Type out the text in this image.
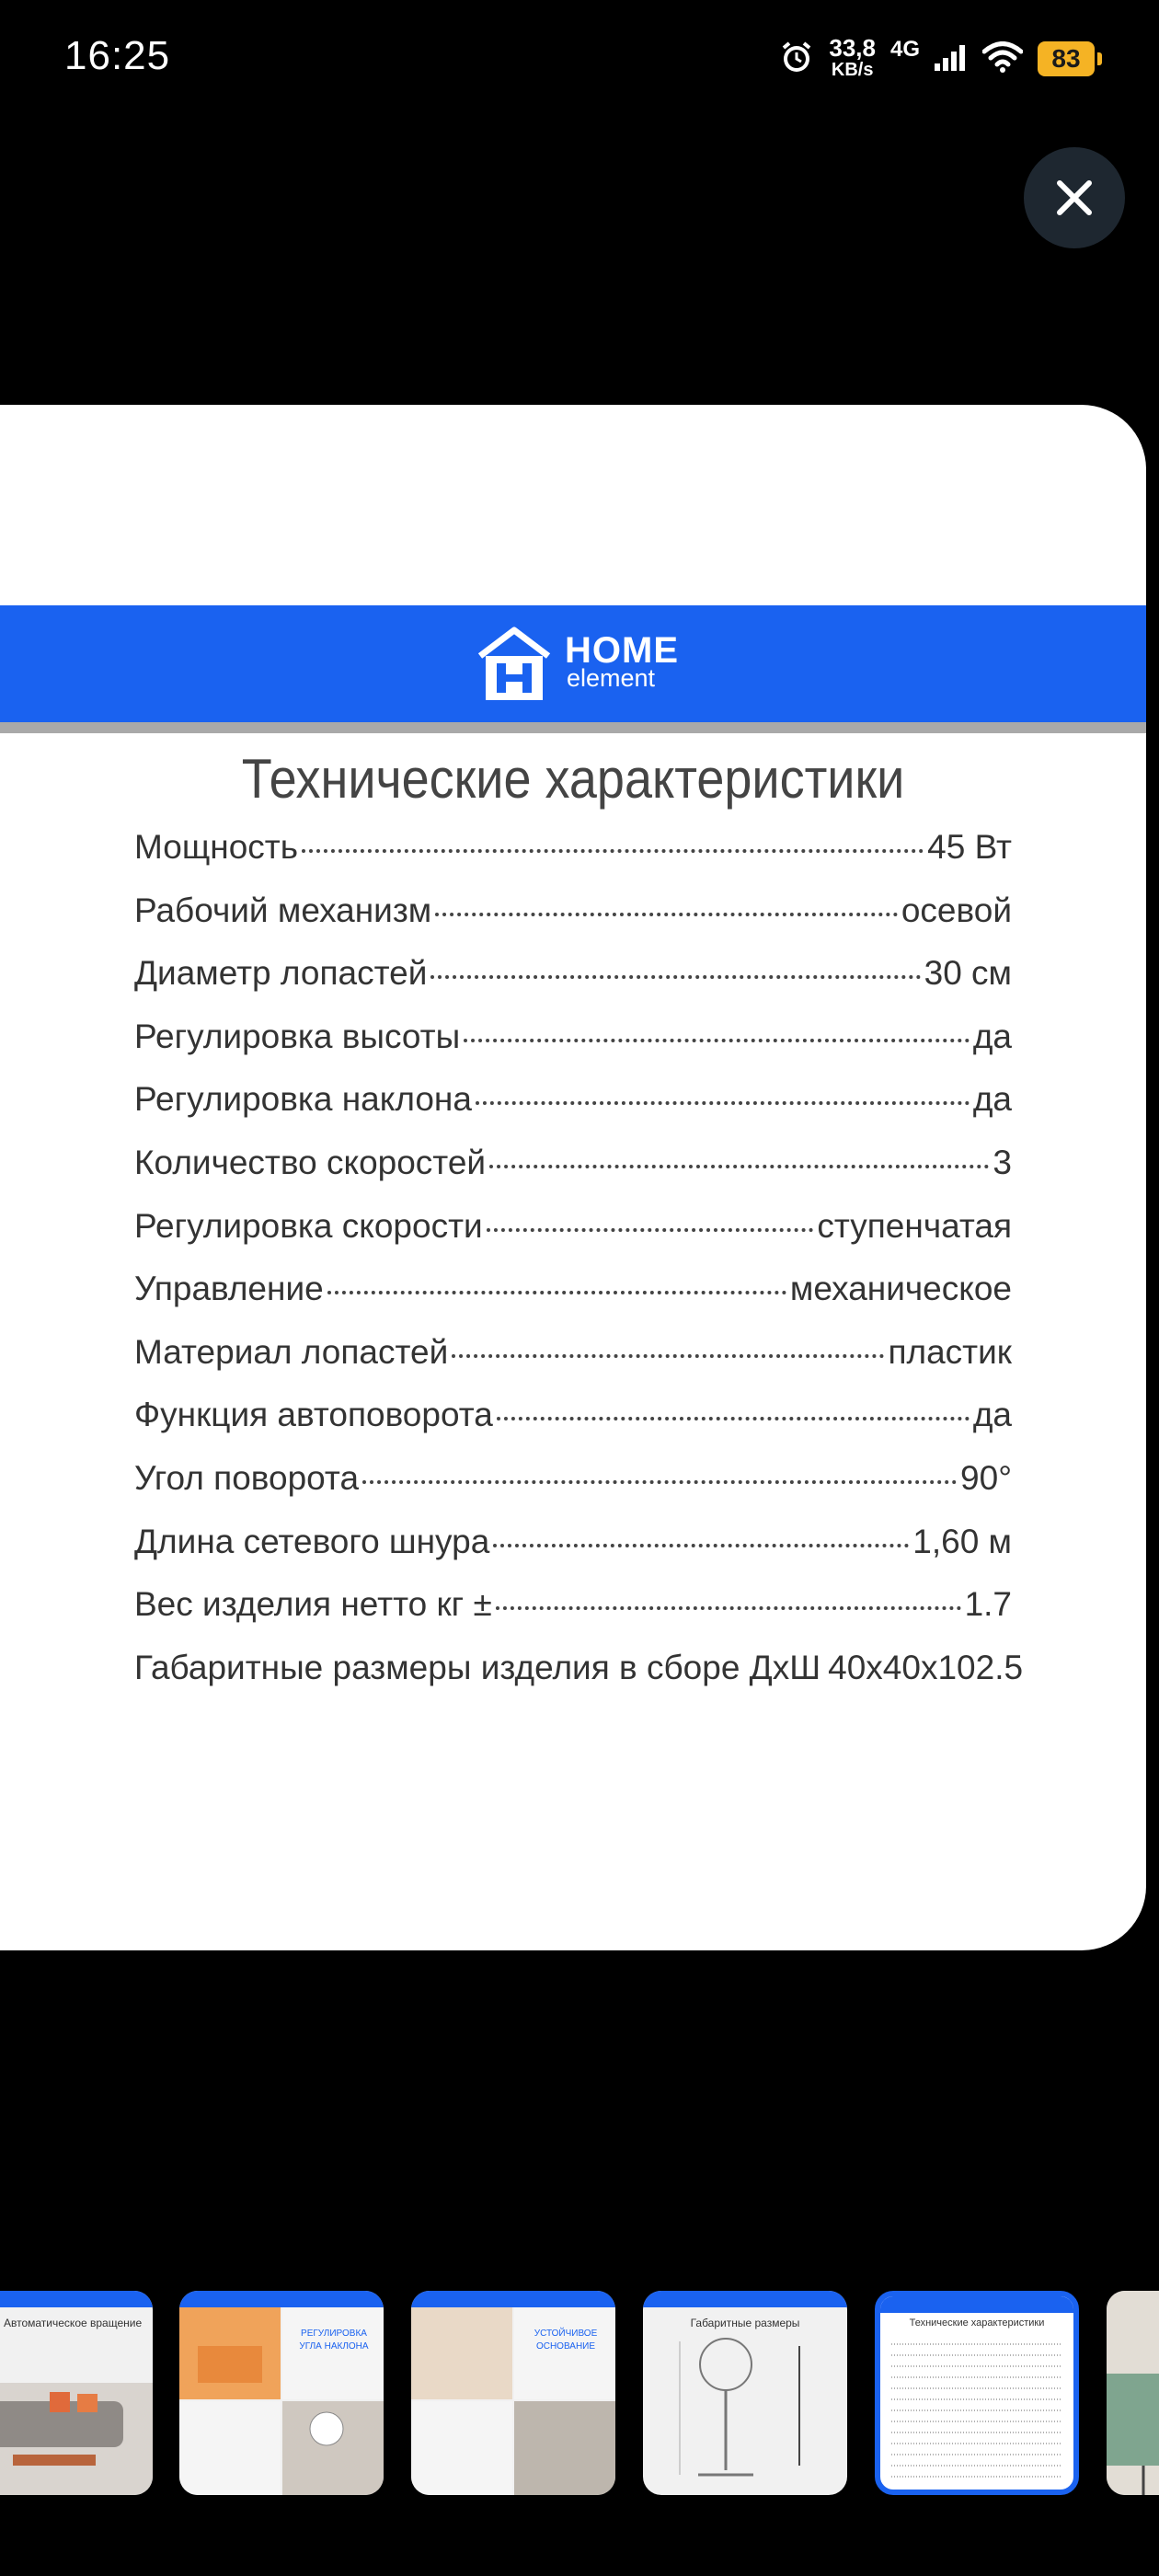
16:25	33,8
KB/s
4G	83
HOME
element
Технические характеристики
Мощность	45 Вт
Рабочий механизм	осевой
Диаметр лопастей	30 см
Регулировка высоты	да
Регулировка наклона	да
Количество скоростей	3
Регулировка скорости	ступенчатая
Управление	механическое
Материал лопастей	пластик
Функция автоповорота	да
Угол поворота	90°
Длина сетевого шнура	1,60 м
Вес изделия нетто кг ±	1.7
Габаритные размеры изделия в сборе ДхШ 40x40x102.5
Автоматическое вращение
РЕГУЛИРОВКА УГЛА НАКЛОНА
УСТОЙЧИВОЕ ОСНОВАНИЕ
Габаритные размеры	Технические характеристики
